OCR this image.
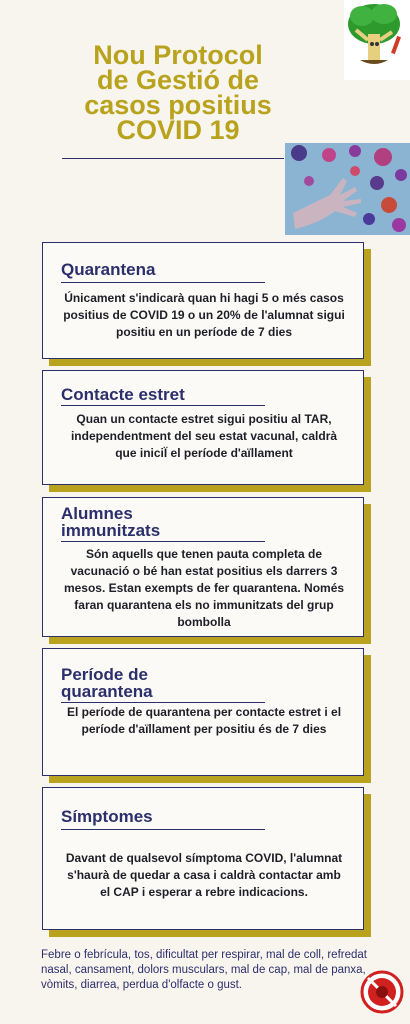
Nou Protocol
de Gestió de
casos positius
COVID 19
Quarantena
Únicament s'indicarà quan hi hagi 5 o més casos positius de COVID 19 o un 20% de l'alumnat sigui positiu en un període de 7 dies
Contacte estret
Quan un contacte estret sigui positiu al TAR, independentment del seu estat vacunal, caldrà que iniciÏ el període d'aïllament
Alumnes
immunitzats
Són aquells que tenen pauta completa de vacunació o bé han estat positius els darrers 3 mesos. Estan exempts de fer quarantena. Només faran quarantena els no immunitzats del grup bombolla
Període de
quarantena
El període de quarantena per contacte estret i el període d'aïllament per positiu és de 7 dies
Símptomes
Davant de qualsevol símptoma COVID, l'alumnat s'haurà de quedar a casa i caldrà contactar amb el CAP i esperar a rebre indicacions.
Febre o febrícula, tos, dificultat per respirar, mal de coll, refredat nasal, cansament, dolors musculars, mal de cap, mal de panxa, vòmits, diarrea, perdua d'olfacte o gust.
